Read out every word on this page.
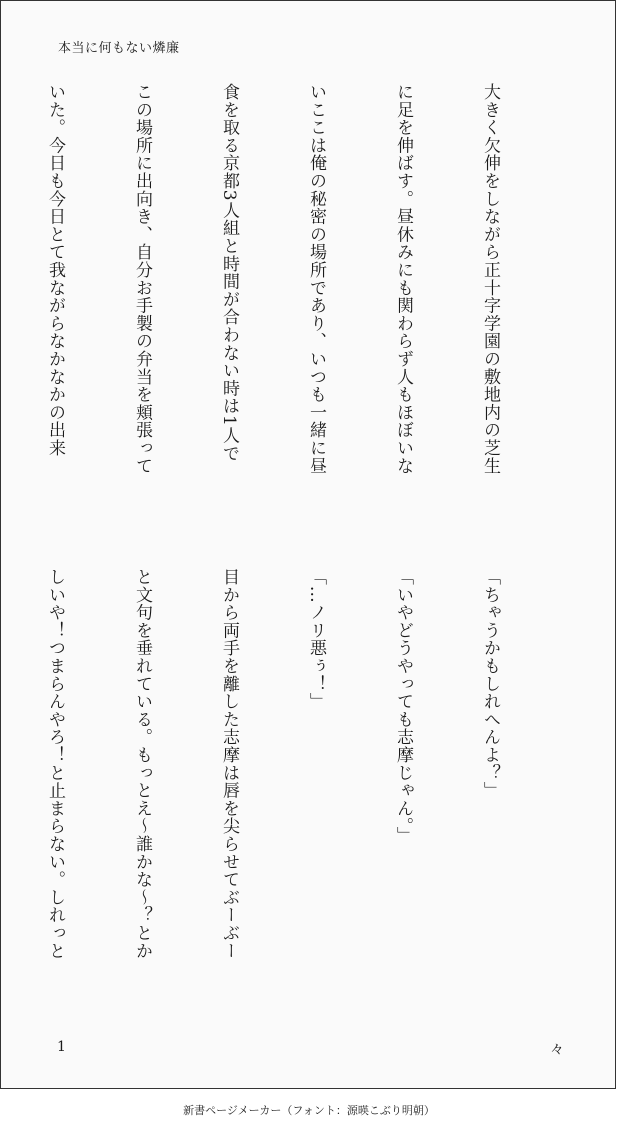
本当に何もない燐廉

大きく欠伸をしながら正十字学園の敷地内の芝生

に足を伸ばす。昼休みにも関わらず人もほぼいな

いここは俺の秘密の場所であり、いつも一緒に昼

食を取る京都3人組と時間が合わない時は1人で

この場所に出向き、自分お手製の弁当を頬張って

いた。今日も今日とて我ながらなかなかの出来

「ちゃうかもしれへんよ？」

「いやどうやっても志摩じゃん。」

「…ノリ悪ぅ！」

目から両手を離した志摩は唇を尖らせてぶーぶー

と文句を垂れている。もっとえ〜誰かな〜？とか

しいや！つまらんやろ！と止まらない。しれっと

1	々
新書ページメーカー（フォント：源暎こぶり明朝）
